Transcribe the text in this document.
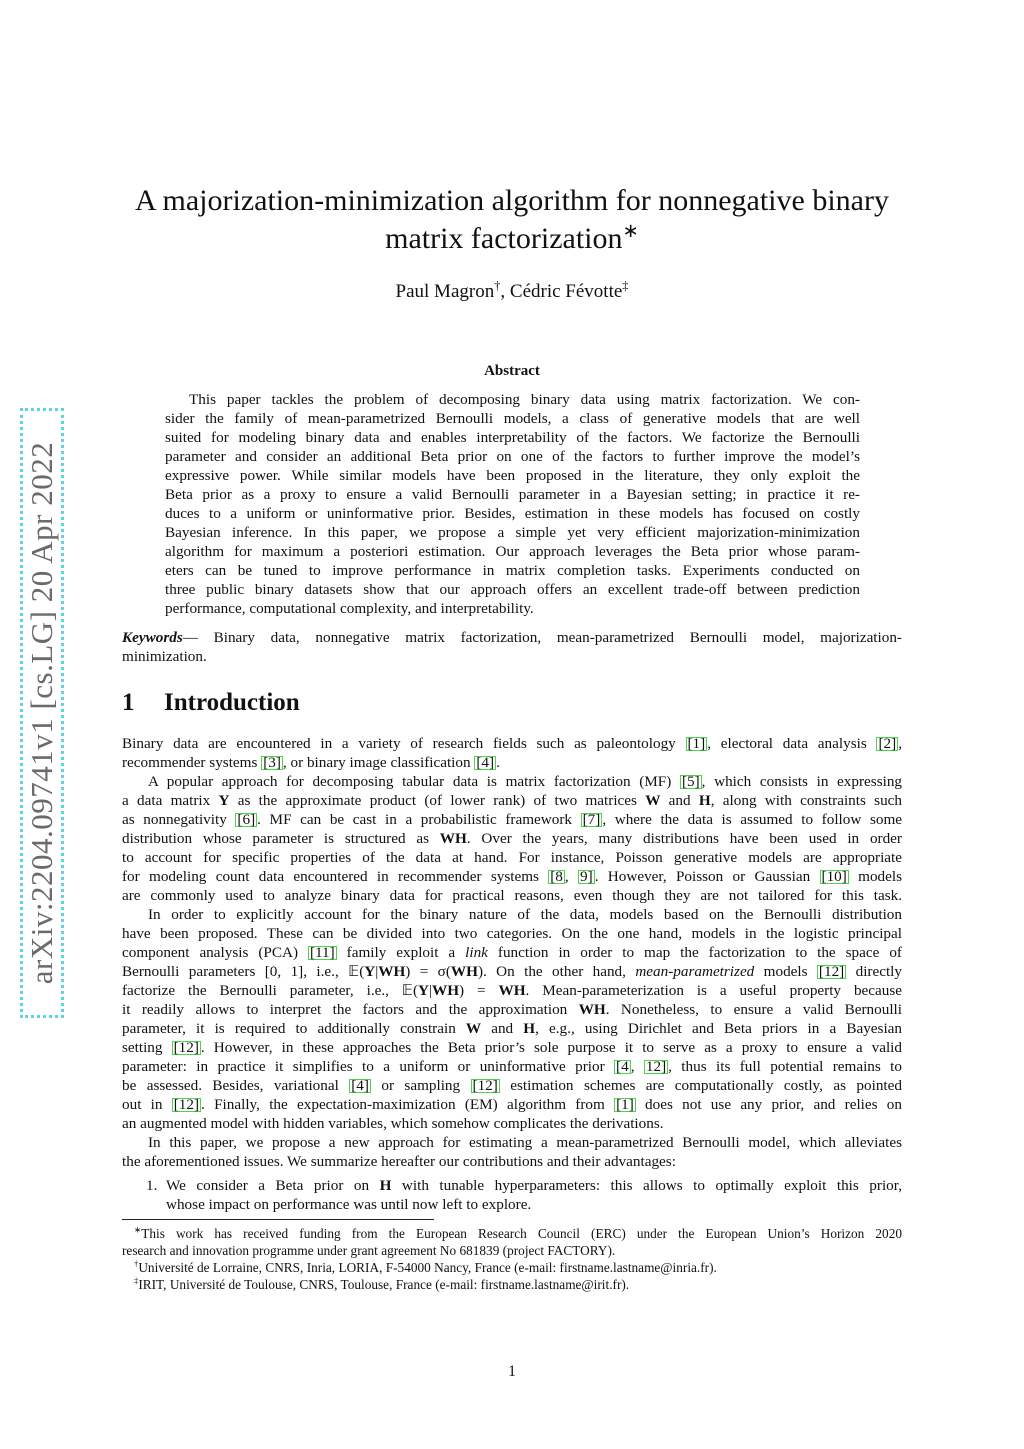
arXiv:2204.09741v1 [cs.LG] 20 Apr 2022
A majorization-minimization algorithm for nonnegative binary
matrix factorization∗
Paul Magron†, Cédric Févotte‡
Abstract
This paper tackles the problem of decomposing binary data using matrix factorization. We con-
sider the family of mean-parametrized Bernoulli models, a class of generative models that are well
suited for modeling binary data and enables interpretability of the factors. We factorize the Bernoulli
parameter and consider an additional Beta prior on one of the factors to further improve the model’s
expressive power. While similar models have been proposed in the literature, they only exploit the
Beta prior as a proxy to ensure a valid Bernoulli parameter in a Bayesian setting; in practice it re-
duces to a uniform or uninformative prior. Besides, estimation in these models has focused on costly
Bayesian inference. In this paper, we propose a simple yet very efficient majorization-minimization
algorithm for maximum a posteriori estimation. Our approach leverages the Beta prior whose param-
eters can be tuned to improve performance in matrix completion tasks. Experiments conducted on
three public binary datasets show that our approach offers an excellent trade-off between prediction
performance, computational complexity, and interpretability.
Keywords— Binary data, nonnegative matrix factorization, mean-parametrized Bernoulli model, majorization-
minimization.
1 Introduction
Binary data are encountered in a variety of research fields such as paleontology [1] , electoral data analysis [2] ,
recommender systems [3] , or binary image classification [4] .
A popular approach for decomposing tabular data is matrix factorization (MF) [5] , which consists in expressing
a data matrix Y as the approximate product (of lower rank) of two matrices W and H, along with constraints such
as nonnegativity [6] . MF can be cast in a probabilistic framework [7] , where the data is assumed to follow some
distribution whose parameter is structured as WH. Over the years, many distributions have been used in order
to account for specific properties of the data at hand. For instance, Poisson generative models are appropriate
for modeling count data encountered in recommender systems [8 , 9] . However, Poisson or Gaussian [10] models
are commonly used to analyze binary data for practical reasons, even though they are not tailored for this task.
In order to explicitly account for the binary nature of the data, models based on the Bernoulli distribution
have been proposed. These can be divided into two categories. On the one hand, models in the logistic principal
component analysis (PCA) [11] family exploit a link function in order to map the factorization to the space of
Bernoulli parameters [0, 1], i.e., 𝔼(Y|WH) = σ(WH). On the other hand, mean-parametrized models [12] directly
factorize the Bernoulli parameter, i.e., 𝔼(Y|WH) = WH. Mean-parameterization is a useful property because
it readily allows to interpret the factors and the approximation WH. Nonetheless, to ensure a valid Bernoulli
parameter, it is required to additionally constrain W and H, e.g., using Dirichlet and Beta priors in a Bayesian
setting [12] . However, in these approaches the Beta prior’s sole purpose it to serve as a proxy to ensure a valid
parameter: in practice it simplifies to a uniform or uninformative prior [4 , 12] , thus its full potential remains to
be assessed. Besides, variational [4] or sampling [12] estimation schemes are computationally costly, as pointed
out in [12] . Finally, the expectation-maximization (EM) algorithm from [1] does not use any prior, and relies on
an augmented model with hidden variables, which somehow complicates the derivations.
In this paper, we propose a new approach for estimating a mean-parametrized Bernoulli model, which alleviates
the aforementioned issues. We summarize hereafter our contributions and their advantages:
1. We consider a Beta prior on H with tunable hyperparameters: this allows to optimally exploit this prior,
whose impact on performance was until now left to explore.
∗This work has received funding from the European Research Council (ERC) under the European Union’s Horizon 2020
research and innovation programme under grant agreement No 681839 (project FACTORY).
†Université de Lorraine, CNRS, Inria, LORIA, F-54000 Nancy, France (e-mail: firstname.lastname@inria.fr).
‡IRIT, Université de Toulouse, CNRS, Toulouse, France (e-mail: firstname.lastname@irit.fr).
1
